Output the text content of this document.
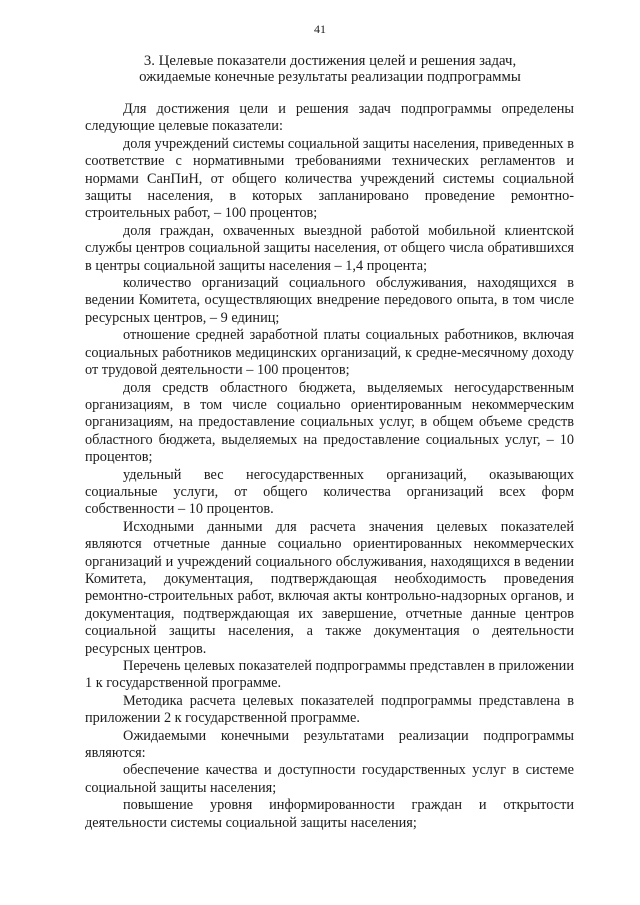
41
3. Целевые показатели достижения целей и решения задач,
ожидаемые конечные результаты реализации подпрограммы

Для достижения цели и решения задач подпрограммы определены следующие целевые показатели:

доля учреждений системы социальной защиты населения, приведенных в соответствие с нормативными требованиями технических регламентов и нормами СанПиН, от общего количества учреждений системы социальной защиты населения, в которых запланировано проведение ремонтно-строительных работ, – 100 процентов;

доля граждан, охваченных выездной работой мобильной клиентской службы центров социальной защиты населения, от общего числа обратившихся в центры социальной защиты населения – 1,4 процента;

количество организаций социального обслуживания, находящихся в ведении Комитета, осуществляющих внедрение передового опыта, в том числе ресурсных центров, – 9 единиц;

отношение средней заработной платы социальных работников, включая социальных работников медицинских организаций, к средне-месячному доходу от трудовой деятельности – 100 процентов;

доля средств областного бюджета, выделяемых негосударственным организациям, в том числе социально ориентированным некоммерческим организациям, на предоставление социальных услуг, в общем объеме средств областного бюджета, выделяемых на предоставление социальных услуг, – 10 процентов;

удельный вес негосударственных организаций, оказывающих социальные услуги, от общего количества организаций всех форм собственности – 10 процентов.

Исходными данными для расчета значения целевых показателей являются отчетные данные социально ориентированных некоммерческих организаций и учреждений социального обслуживания, находящихся в ведении Комитета, документация, подтверждающая необходимость проведения ремонтно-строительных работ, включая акты контрольно-надзорных органов, и документация, подтверждающая их завершение, отчетные данные центров социальной защиты населения, а также документация о деятельности ресурсных центров.

Перечень целевых показателей подпрограммы представлен в приложении 1 к государственной программе.

Методика расчета целевых показателей подпрограммы представлена в приложении 2 к государственной программе.

Ожидаемыми конечными результатами реализации подпрограммы являются:

обеспечение качества и доступности государственных услуг в системе социальной защиты населения;

повышение уровня информированности граждан и открытости деятельности системы социальной защиты населения;
